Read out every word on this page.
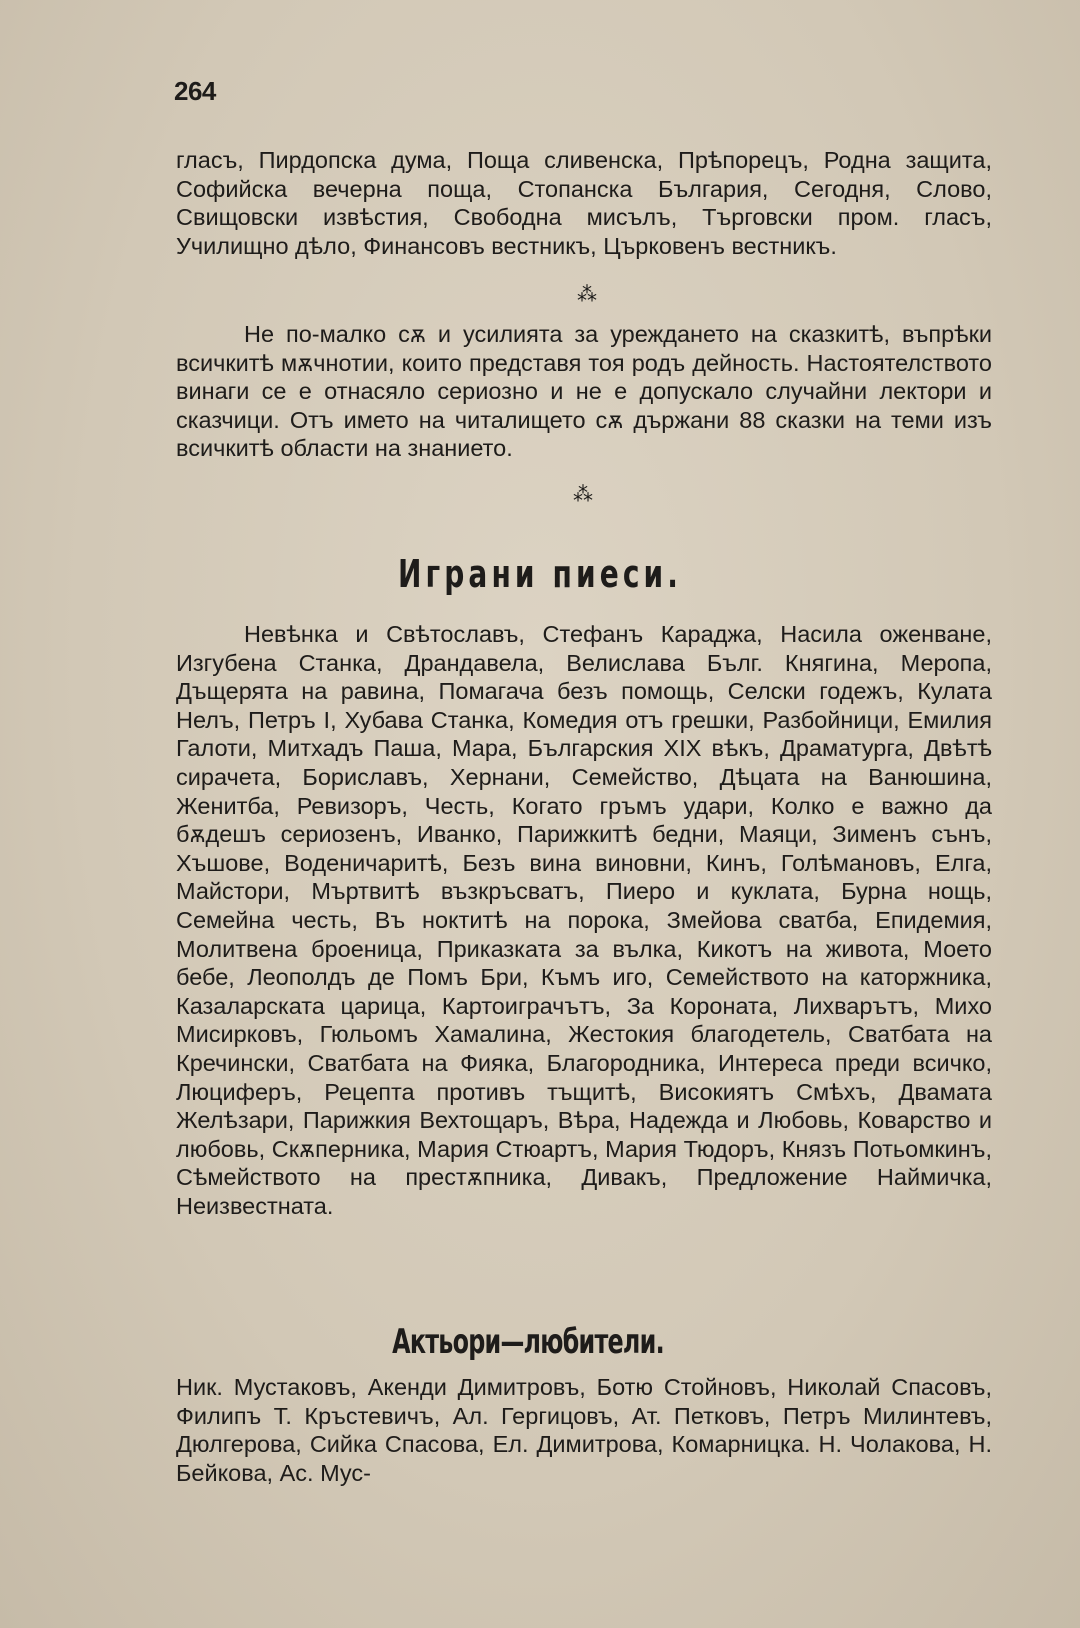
264

гласъ, Пирдопска дума, Поща сливенска, Прѣпорецъ, Родна защита, Софийска вечерна поща, Стопанска България, Сегодня, Слово, Свищовски извѣстия, Свободна мисълъ, Търговски пром. гласъ, Училищно дѣло, Финансовъ вестникъ, Църковенъ вестникъ.

⁂

Не по-малко сѫ и усилията за уреждането на сказкитѣ, въпрѣки всичкитѣ мѫчнотии, които представя тоя родъ дейность. Настоятелството винаги се е отнасяло сериозно и не е допускало случайни лектори и сказчици. Отъ името на читалището сѫ държани 88 сказки на теми изъ всичкитѣ области на знанието.

⁂
Играни пиеси.

Невѣнка и Свѣтославъ, Стефанъ Караджа, Насила оженване, Изгубена Станка, Драндавела, Велислава Бълг. Княгина, Меропа, Дъщерята на равина, Помагача безъ помощь, Селски годежъ, Кулата Нелъ, Петръ I, Хубава Станка, Комедия отъ грешки, Разбойници, Емилия Галоти, Митхадъ Паша, Мара, Българския XIX вѣкъ, Драматурга, Двѣтѣ сирачета, Бориславъ, Хернани, Семейство, Дѣцата на Ванюшина, Женитба, Ревизоръ, Честь, Когато гръмъ удари, Колко е важно да бѫдешъ сериозенъ, Иванко, Парижкитѣ бедни, Маяци, Зименъ сънъ, Хъшове, Воденичаритѣ, Безъ вина виновни, Кинъ, Голѣмановъ, Елга, Майстори, Мъртвитѣ възкръсватъ, Пиеро и куклата, Бурна нощь, Семейна честь, Въ ноктитѣ на порока, Змейова сватба, Епидемия, Молитвена броеница, Приказката за вълка, Кикотъ на живота, Моето бебе, Леополдъ де Помъ Бри, Къмъ иго, Семейството на каторжника, Казаларската царица, Картоиграчътъ, За Короната, Лихварътъ, Михо Мисирковъ, Гюльомъ Хамалина, Жестокия благодетель, Сватбата на Кречински, Сватбата на Фияка, Благородника, Интереса преди всичко, Люциферъ, Рецепта противъ тъщитѣ, Високиятъ Смѣхъ, Двамата Желѣзари, Парижкия Вехтощаръ, Вѣра, Надежда и Любовь, Коварство и любовь, Скѫперника, Мария Стюартъ, Мария Тюдоръ, Князъ Потьомкинъ, Сѣмейството на престѫпника, Дивакъ, Предложение Наймичка, Неизвестната.

Актьори—любители.

Ник. Мустаковъ, Акенди Димитровъ, Ботю Стойновъ, Николай Спасовъ, Филипъ Т. Кръстевичъ, Ал. Гергицовъ, Ат. Петковъ, Петръ Милинтевъ, Дюлгерова, Сийка Спасова, Ел. Димитрова, Комарницка. Н. Чолакова, Н. Бейкова, Ас. Мус-
